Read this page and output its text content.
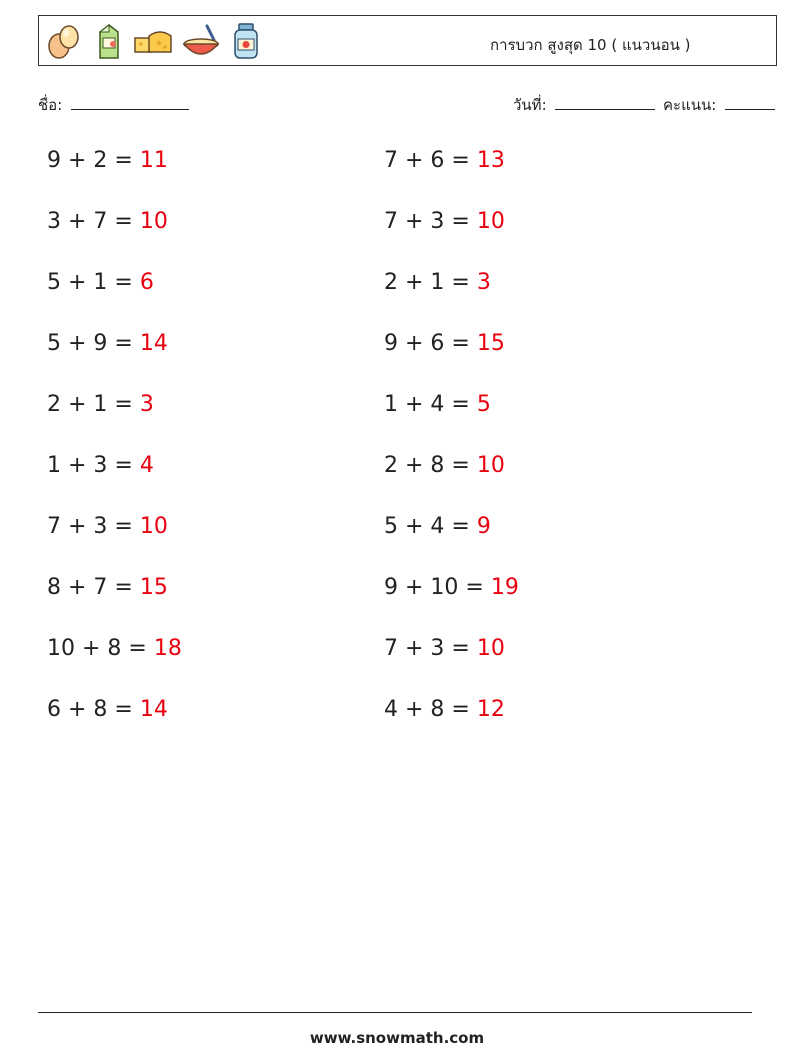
การบวก สูงสุด 10 ( แนวนอน )
ชื่อ:	วันที่:	คะแนน:
9 + 2 = 11
3 + 7 = 10
5 + 1 = 6
5 + 9 = 14
2 + 1 = 3
1 + 3 = 4
7 + 3 = 10
8 + 7 = 15
10 + 8 = 18
6 + 8 = 14
7 + 6 = 13
7 + 3 = 10
2 + 1 = 3
9 + 6 = 15
1 + 4 = 5
2 + 8 = 10
5 + 4 = 9
9 + 10 = 19
7 + 3 = 10
4 + 8 = 12
www.snowmath.com
